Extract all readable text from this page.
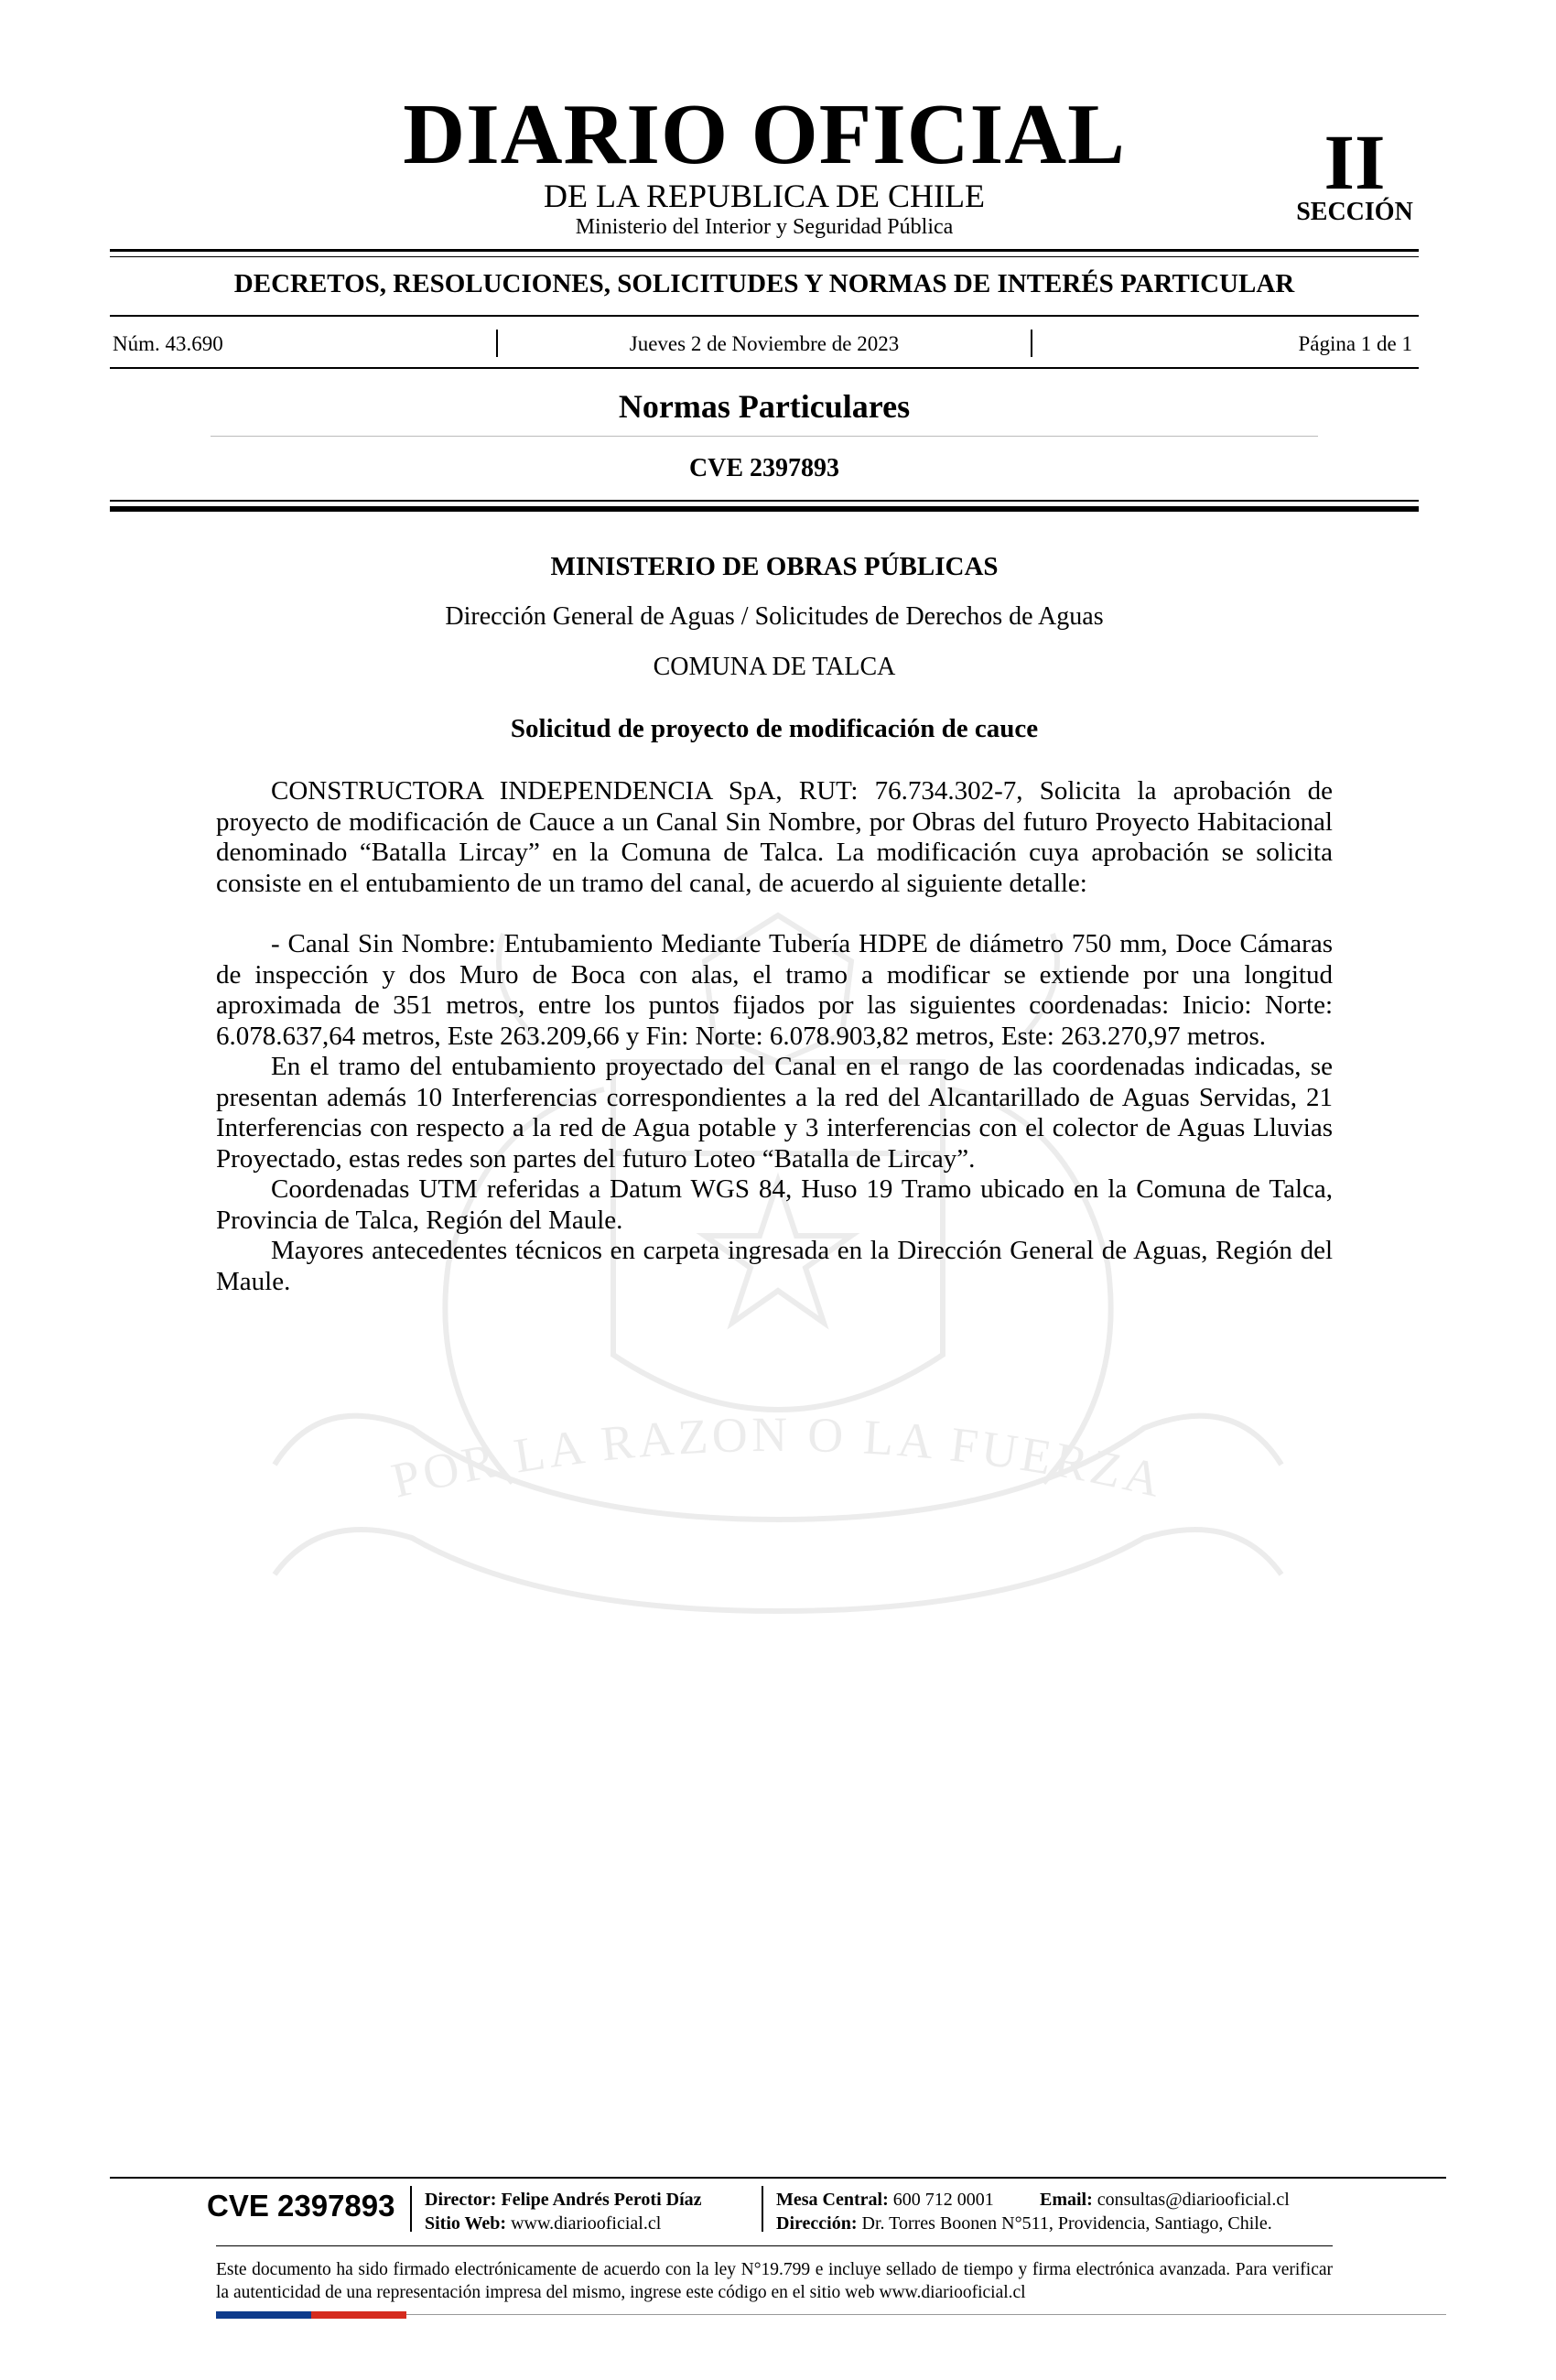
POR LA RAZON O LA FUERZA
DIARIO OFICIAL
DE LA REPUBLICA DE CHILE
Ministerio del Interior y Seguridad Pública
II
SECCIÓN
DECRETOS, RESOLUCIONES, SOLICITUDES Y NORMAS DE INTERÉS PARTICULAR
Núm. 43.690	Jueves 2 de Noviembre de 2023	Página 1 de 1
Normas Particulares
CVE 2397893
MINISTERIO DE OBRAS PÚBLICAS
Dirección General de Aguas / Solicitudes de Derechos de Aguas
COMUNA DE TALCA
Solicitud de proyecto de modificación de cauce

CONSTRUCTORA INDEPENDENCIA SpA, RUT: 76.734.302-7, Solicita la aprobación de proyecto de modificación de Cauce a un Canal Sin Nombre, por Obras del futuro Proyecto Habitacional denominado “Batalla Lircay” en la Comuna de Talca. La modificación cuya aprobación se solicita consiste en el entubamiento de un tramo del canal, de acuerdo al siguiente detalle:

- Canal Sin Nombre: Entubamiento Mediante Tubería HDPE de diámetro 750 mm, Doce Cámaras de inspección y dos Muro de Boca con alas, el tramo a modificar se extiende por una longitud aproximada de 351 metros, entre los puntos fijados por las siguientes coordenadas: Inicio: Norte: 6.078.637,64 metros, Este 263.209,66 y Fin: Norte: 6.078.903,82 metros, Este: 263.270,97 metros.

En el tramo del entubamiento proyectado del Canal en el rango de las coordenadas indicadas, se presentan además 10 Interferencias correspondientes a la red del Alcantarillado de Aguas Servidas, 21 Interferencias con respecto a la red de Agua potable y 3 interferencias con el colector de Aguas Lluvias Proyectado, estas redes son partes del futuro Loteo “Batalla de Lircay”.

Coordenadas UTM referidas a Datum WGS 84, Huso 19 Tramo ubicado en la Comuna de Talca, Provincia de Talca, Región del Maule.

Mayores antecedentes técnicos en carpeta ingresada en la Dirección General de Aguas, Región del Maule.

CVE 2397893	Director: Felipe Andrés Peroti Díaz
Sitio Web: www.diariooficial.cl
Mesa Central: 600 712 0001	Email: consultas@diariooficial.cl
Dirección: Dr. Torres Boonen N°511, Providencia, Santiago, Chile.
Este documento ha sido firmado electrónicamente de acuerdo con la ley N°19.799 e incluye sellado de tiempo y firma electrónica avanzada. Para verificar la autenticidad de una representación impresa del mismo, ingrese este código en el sitio web www.diariooficial.cl
